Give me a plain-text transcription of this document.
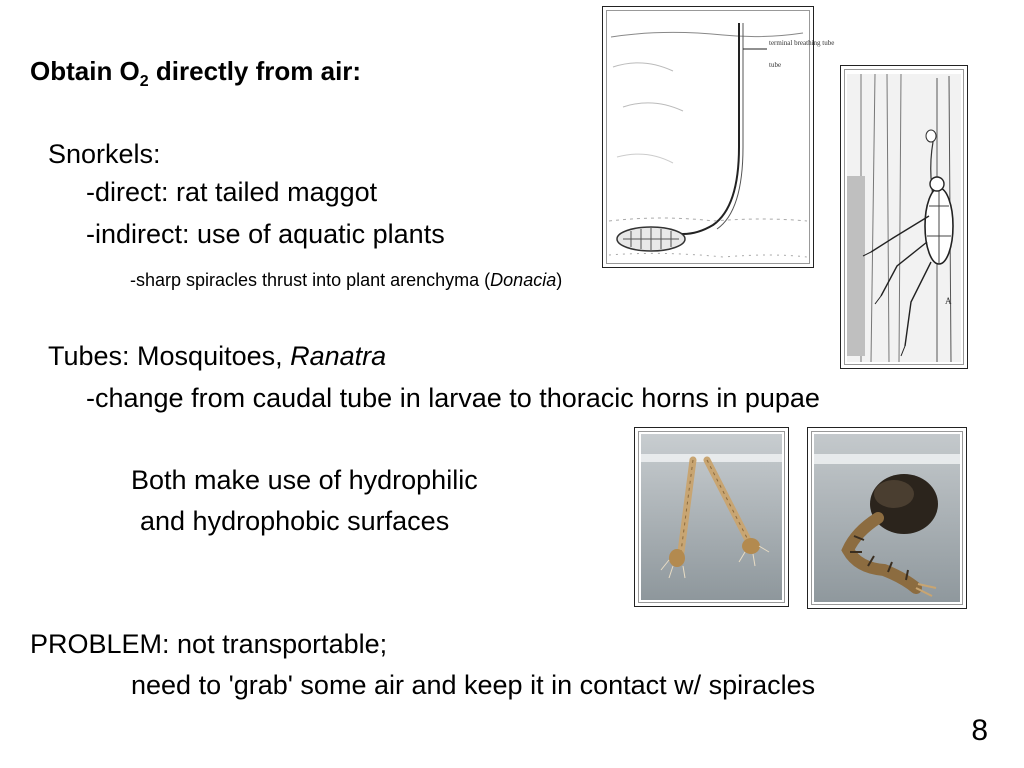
Obtain $O_2$ directly from air:
Snorkels:
-direct: rat tailed maggot
-indirect: use of aquatic plants
-sharp spiracles thrust into plant arenchyma (Donacia)
Tubes: Mosquitoes, Ranatra
-change from caudal tube in larvae to thoracic horns in pupae
Both make use of hydrophilic
and hydrophobic surfaces
PROBLEM: not transportable;
need to 'grab' some air and keep it in contact w/ spiracles
8
terminal breathing tube
tube
A
